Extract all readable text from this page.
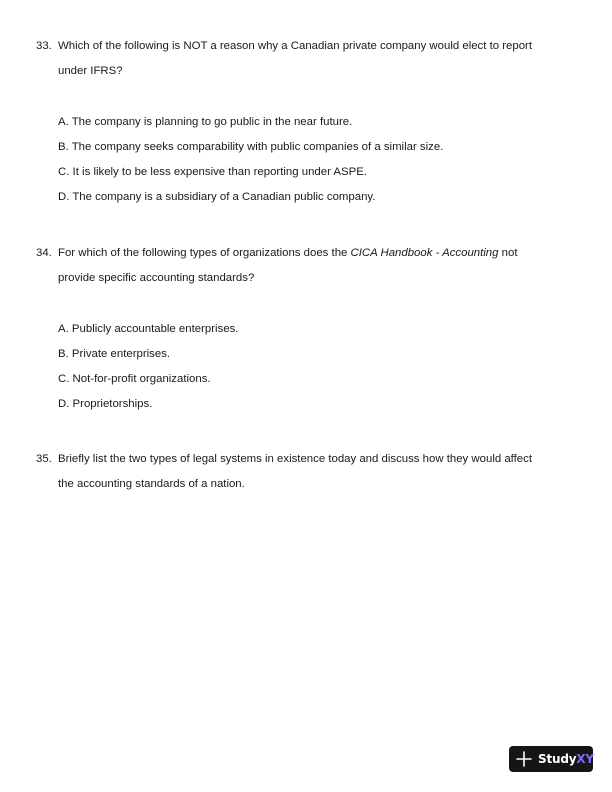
33. Which of the following is NOT a reason why a Canadian private company would elect to report
under IFRS?
A. The company is planning to go public in the near future.
B. The company seeks comparability with public companies of a similar size.
C. It is likely to be less expensive than reporting under ASPE.
D. The company is a subsidiary of a Canadian public company.
34. For which of the following types of organizations does the CICA Handbook - Accounting not
provide specific accounting standards?
A. Publicly accountable enterprises.
B. Private enterprises.
C. Not-for-profit organizations.
D. Proprietorships.
35. Briefly list the two types of legal systems in existence today and discuss how they would affect
the accounting standards of a nation.
StudyXY
